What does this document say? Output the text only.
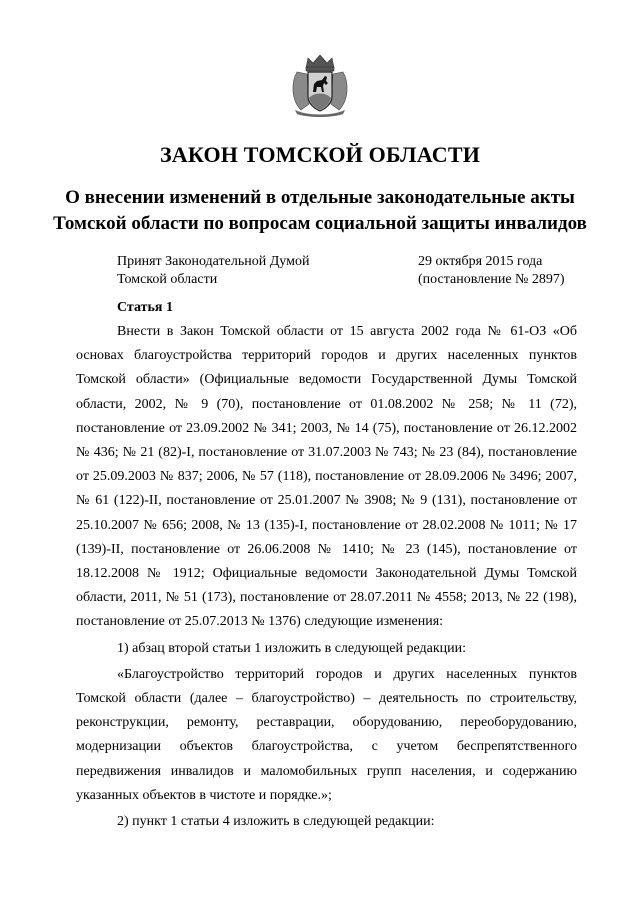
ЗАКОН ТОМСКОЙ ОБЛАСТИ
О внесении изменений в отдельные законодательные акты Томской области по вопросам социальной защиты инвалидов
Принят Законодательной Думой
Томской области
29 октября 2015 года
(постановление № 2897)
Статья 1

Внести в Закон Томской области от 15 августа 2002 года № 61-ОЗ «Об основах благоустройства территорий городов и других населенных пунктов Томской области» (Официальные ведомости Государственной Думы Томской области, 2002, № 9 (70), постановление от 01.08.2002 № 258; № 11 (72), постановление от 23.09.2002 № 341; 2003, № 14 (75), постановление от 26.12.2002 № 436; № 21 (82)-I, постановление от 31.07.2003 № 743; № 23 (84), постановление от 25.09.2003 № 837; 2006, № 57 (118), постановление от 28.09.2006 № 3496; 2007, № 61 (122)-II, постановление от 25.01.2007 № 3908; № 9 (131), постановление от 25.10.2007 № 656; 2008, № 13 (135)-I, постановление от 28.02.2008 № 1011; № 17 (139)-II, постановление от 26.06.2008 № 1410; № 23 (145), постановление от 18.12.2008 № 1912; Официальные ведомости Законодательной Думы Томской области, 2011, № 51 (173), постановление от 28.07.2011 № 4558; 2013, № 22 (198), постановление от 25.07.2013 № 1376) следующие изменения:

1) абзац второй статьи 1 изложить в следующей редакции:

«Благоустройство территорий городов и других населенных пунктов Томской области (далее – благоустройство) – деятельность по строительству, реконструкции, ремонту, реставрации, оборудованию, переоборудованию, модернизации объектов благоустройства, с учетом беспрепятственного передвижения инвалидов и маломобильных групп населения, и содержанию указанных объектов в чистоте и порядке.»;

2) пункт 1 статьи 4 изложить в следующей редакции:
